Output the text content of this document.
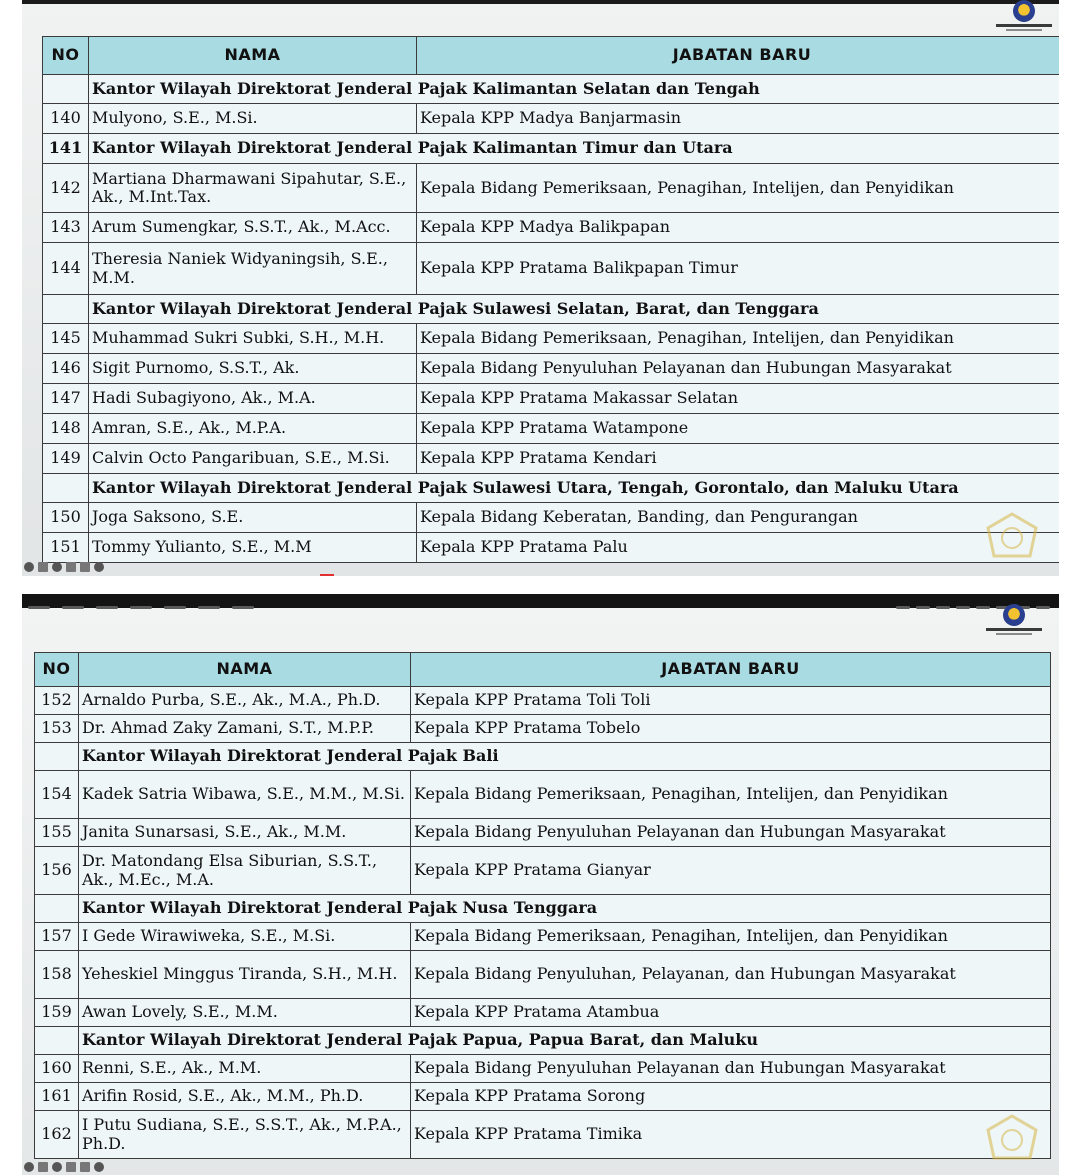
NO	NAMA	JABATAN BARU
	Kantor Wilayah Direktorat Jenderal Pajak Kalimantan Selatan dan Tengah	
140	Mulyono, S.E., M.Si.	Kepala KPP Madya Banjarmasin
141	Kantor Wilayah Direktorat Jenderal Pajak Kalimantan Timur dan Utara	
142	Martiana Dharmawani Sipahutar, S.E., Ak., M.Int.Tax.	Kepala Bidang Pemeriksaan, Penagihan, Intelijen, dan Penyidikan
143	Arum Sumengkar, S.S.T., Ak., M.Acc.	Kepala KPP Madya Balikpapan
144	Theresia Naniek Widyaningsih, S.E., M.M.	Kepala KPP Pratama Balikpapan Timur
	Kantor Wilayah Direktorat Jenderal Pajak Sulawesi Selatan, Barat, dan Tenggara	
145	Muhammad Sukri Subki, S.H., M.H.	Kepala Bidang Pemeriksaan, Penagihan, Intelijen, dan Penyidikan
146	Sigit Purnomo, S.S.T., Ak.	Kepala Bidang Penyuluhan Pelayanan dan Hubungan Masyarakat
147	Hadi Subagiyono, Ak., M.A.	Kepala KPP Pratama Makassar Selatan
148	Amran, S.E., Ak., M.P.A.	Kepala KPP Pratama Watampone
149	Calvin Octo Pangaribuan, S.E., M.Si.	Kepala KPP Pratama Kendari
	Kantor Wilayah Direktorat Jenderal Pajak Sulawesi Utara, Tengah, Gorontalo, dan Maluku Utara	
150	Joga Saksono, S.E.	Kepala Bidang Keberatan, Banding, dan Pengurangan
151	Tommy Yulianto, S.E., M.M	Kepala KPP Pratama Palu
NO	NAMA	JABATAN BARU
152	Arnaldo Purba, S.E., Ak., M.A., Ph.D.	Kepala KPP Pratama Toli Toli
153	Dr. Ahmad Zaky Zamani, S.T., M.P.P.	Kepala KPP Pratama Tobelo
	Kantor Wilayah Direktorat Jenderal Pajak Bali	
154	Kadek Satria Wibawa, S.E., M.M., M.Si.	Kepala Bidang Pemeriksaan, Penagihan, Intelijen, dan Penyidikan
155	Janita Sunarsasi, S.E., Ak., M.M.	Kepala Bidang Penyuluhan Pelayanan dan Hubungan Masyarakat
156	Dr. Matondang Elsa Siburian, S.S.T., Ak., M.Ec., M.A.	Kepala KPP Pratama Gianyar
	Kantor Wilayah Direktorat Jenderal Pajak Nusa Tenggara	
157	I Gede Wirawiweka, S.E., M.Si.	Kepala Bidang Pemeriksaan, Penagihan, Intelijen, dan Penyidikan
158	Yeheskiel Minggus Tiranda, S.H., M.H.	Kepala Bidang Penyuluhan, Pelayanan, dan Hubungan Masyarakat
159	Awan Lovely, S.E., M.M.	Kepala KPP Pratama Atambua
	Kantor Wilayah Direktorat Jenderal Pajak Papua, Papua Barat, dan Maluku	
160	Renni, S.E., Ak., M.M.	Kepala Bidang Penyuluhan Pelayanan dan Hubungan Masyarakat
161	Arifin Rosid, S.E., Ak., M.M., Ph.D.	Kepala KPP Pratama Sorong
162	I Putu Sudiana, S.E., S.S.T., Ak., M.P.A., Ph.D.	Kepala KPP Pratama Timika
